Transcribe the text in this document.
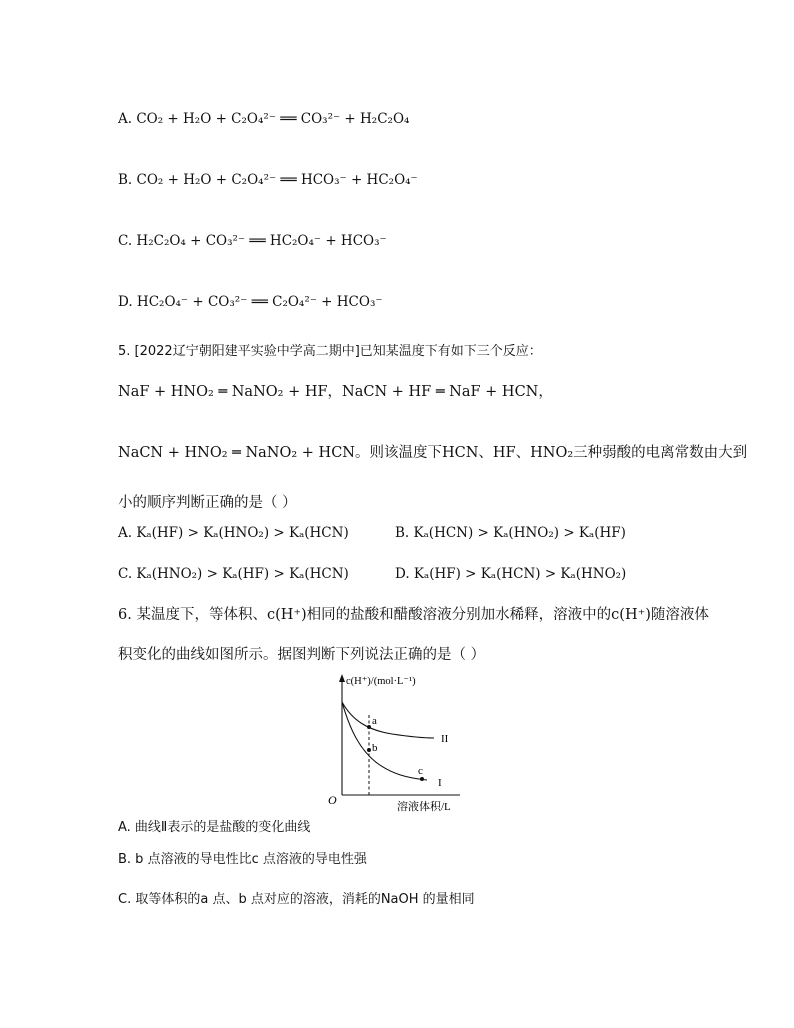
A. CO₂ + H₂O + C₂O₄²⁻ ══ CO₃²⁻ + H₂C₂O₄
B. CO₂ + H₂O + C₂O₄²⁻ ══ HCO₃⁻ + HC₂O₄⁻
C. H₂C₂O₄ + CO₃²⁻ ══ HC₂O₄⁻ + HCO₃⁻
D. HC₂O₄⁻ + CO₃²⁻ ══ C₂O₄²⁻ + HCO₃⁻
5. [2022辽宁朝阳建平实验中学高二期中]已知某温度下有如下三个反应：
NaF + HNO₂ ═ NaNO₂ + HF，NaCN + HF ═ NaF + HCN，
NaCN + HNO₂ ═ NaNO₂ + HCN。则该温度下HCN、HF、HNO₂三种弱酸的电离常数由大到
小的顺序判断正确的是（ ）
A. Kₐ(HF) > Kₐ(HNO₂) > Kₐ(HCN)	B. Kₐ(HCN) > Kₐ(HNO₂) > Kₐ(HF)
C. Kₐ(HNO₂) > Kₐ(HF) > Kₐ(HCN)	D. Kₐ(HF) > Kₐ(HCN) > Kₐ(HNO₂)
6. 某温度下，等体积、c(H⁺)相同的盐酸和醋酸溶液分别加水稀释，溶液中的c(H⁺)随溶液体
积变化的曲线如图所示。据图判断下列说法正确的是（ ）
c(H⁺)/(mol·L⁻¹)
溶液体积/L
O
II
I
a
b
c
A. 曲线Ⅱ表示的是盐酸的变化曲线
B. b 点溶液的导电性比c 点溶液的导电性强
C. 取等体积的a 点、b 点对应的溶液，消耗的NaOH 的量相同
